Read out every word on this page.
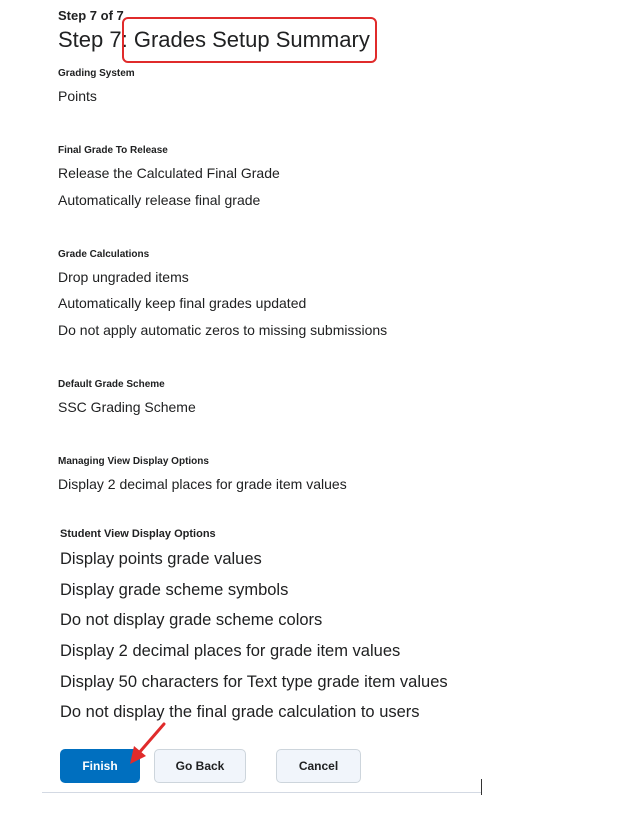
Step 7 of 7
Step 7: Grades Setup Summary
Grading System
Points
Final Grade To Release
Release the Calculated Final Grade
Automatically release final grade
Grade Calculations
Drop ungraded items
Automatically keep final grades updated
Do not apply automatic zeros to missing submissions
Default Grade Scheme
SSC Grading Scheme
Managing View Display Options
Display 2 decimal places for grade item values
Student View Display Options
Display points grade values
Display grade scheme symbols
Do not display grade scheme colors
Display 2 decimal places for grade item values
Display 50 characters for Text type grade item values
Do not display the final grade calculation to users
Finish	Go Back	Cancel
